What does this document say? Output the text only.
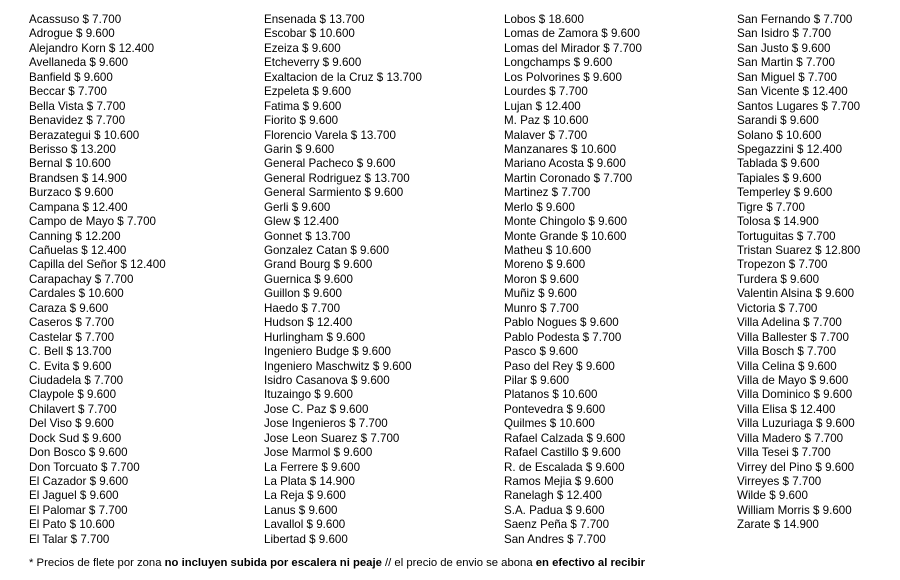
Acassuso $ 7.700
Adrogue $ 9.600
Alejandro Korn $ 12.400
Avellaneda $ 9.600
Banfield $ 9.600
Beccar $ 7.700
Bella Vista $ 7.700
Benavidez $ 7.700
Berazategui $ 10.600
Berisso $ 13.200
Bernal $ 10.600
Brandsen $ 14.900
Burzaco $ 9.600
Campana $ 12.400
Campo de Mayo $ 7.700
Canning $ 12.200
Cañuelas $ 12.400
Capilla del Señor $ 12.400
Carapachay $ 7.700
Cardales $ 10.600
Caraza $ 9.600
Caseros $ 7.700
Castelar $ 7.700
C. Bell $ 13.700
C. Evita $ 9.600
Ciudadela $ 7.700
Claypole $ 9.600
Chilavert $ 7.700
Del Viso $ 9.600
Dock Sud $ 9.600
Don Bosco $ 9.600
Don Torcuato $ 7.700
El Cazador $ 9.600
El Jaguel $ 9.600
El Palomar $ 7.700
El Pato $ 10.600
El Talar $ 7.700
Ensenada $ 13.700
Escobar $ 10.600
Ezeiza $ 9.600
Etcheverry $ 9.600
Exaltacion de la Cruz $ 13.700
Ezpeleta $ 9.600
Fatima $ 9.600
Fiorito $ 9.600
Florencio Varela $ 13.700
Garin $ 9.600
General Pacheco $ 9.600
General Rodriguez $ 13.700
General Sarmiento $ 9.600
Gerli $ 9.600
Glew $ 12.400
Gonnet $ 13.700
Gonzalez Catan $ 9.600
Grand Bourg $ 9.600
Guernica $ 9.600
Guillon $ 9.600
Haedo $ 7.700
Hudson $ 12.400
Hurlingham $ 9.600
Ingeniero Budge $ 9.600
Ingeniero Maschwitz $ 9.600
Isidro Casanova $ 9.600
Ituzaingo $ 9.600
Jose C. Paz $ 9.600
Jose Ingenieros $ 7.700
Jose Leon Suarez $ 7.700
Jose Marmol $ 9.600
La Ferrere $ 9.600
La Plata $ 14.900
La Reja $ 9.600
Lanus $ 9.600
Lavallol $ 9.600
Libertad $ 9.600
Lobos $ 18.600
Lomas de Zamora $ 9.600
Lomas del Mirador $ 7.700
Longchamps $ 9.600
Los Polvorines $ 9.600
Lourdes $ 7.700
Lujan $ 12.400
M. Paz $ 10.600
Malaver $ 7.700
Manzanares $ 10.600
Mariano Acosta $ 9.600
Martin Coronado $ 7.700
Martinez $ 7.700
Merlo $ 9.600
Monte Chingolo $ 9.600
Monte Grande $ 10.600
Matheu $ 10.600
Moreno $ 9.600
Moron $ 9.600
Muñiz $ 9.600
Munro $ 7.700
Pablo Nogues $ 9.600
Pablo Podesta $ 7.700
Pasco $ 9.600
Paso del Rey $ 9.600
Pilar $ 9.600
Platanos $ 10.600
Pontevedra $ 9.600
Quilmes $ 10.600
Rafael Calzada $ 9.600
Rafael Castillo $ 9.600
R. de Escalada $ 9.600
Ramos Mejia $ 9.600
Ranelagh $ 12.400
S.A. Padua $ 9.600
Saenz Peña $ 7.700
San Andres $ 7.700
San Fernando $ 7.700
San Isidro $ 7.700
San Justo $ 9.600
San Martin $ 7.700
San Miguel $ 7.700
San Vicente $ 12.400
Santos Lugares $ 7.700
Sarandi $ 9.600
Solano $ 10.600
Spegazzini $ 12.400
Tablada $ 9.600
Tapiales $ 9.600
Temperley $ 9.600
Tigre $ 7.700
Tolosa $ 14.900
Tortuguitas $ 7.700
Tristan Suarez $ 12.800
Tropezon $ 7.700
Turdera $ 9.600
Valentin Alsina $ 9.600
Victoria $ 7.700
Villa Adelina $ 7.700
Villa Ballester $ 7.700
Villa Bosch $ 7.700
Villa Celina $ 9.600
Villa de Mayo $ 9.600
Villa Dominico $ 9.600
Villa Elisa $ 12.400
Villa Luzuriaga $ 9.600
Villa Madero $ 7.700
Villa Tesei $ 7.700
Virrey del Pino $ 9.600
Virreyes $ 7.700
Wilde $ 9.600
William Morris $ 9.600
Zarate $ 14.900
* Precios de flete por zona no incluyen subida por escalera ni peaje // el precio de envio se abona en efectivo al recibir
